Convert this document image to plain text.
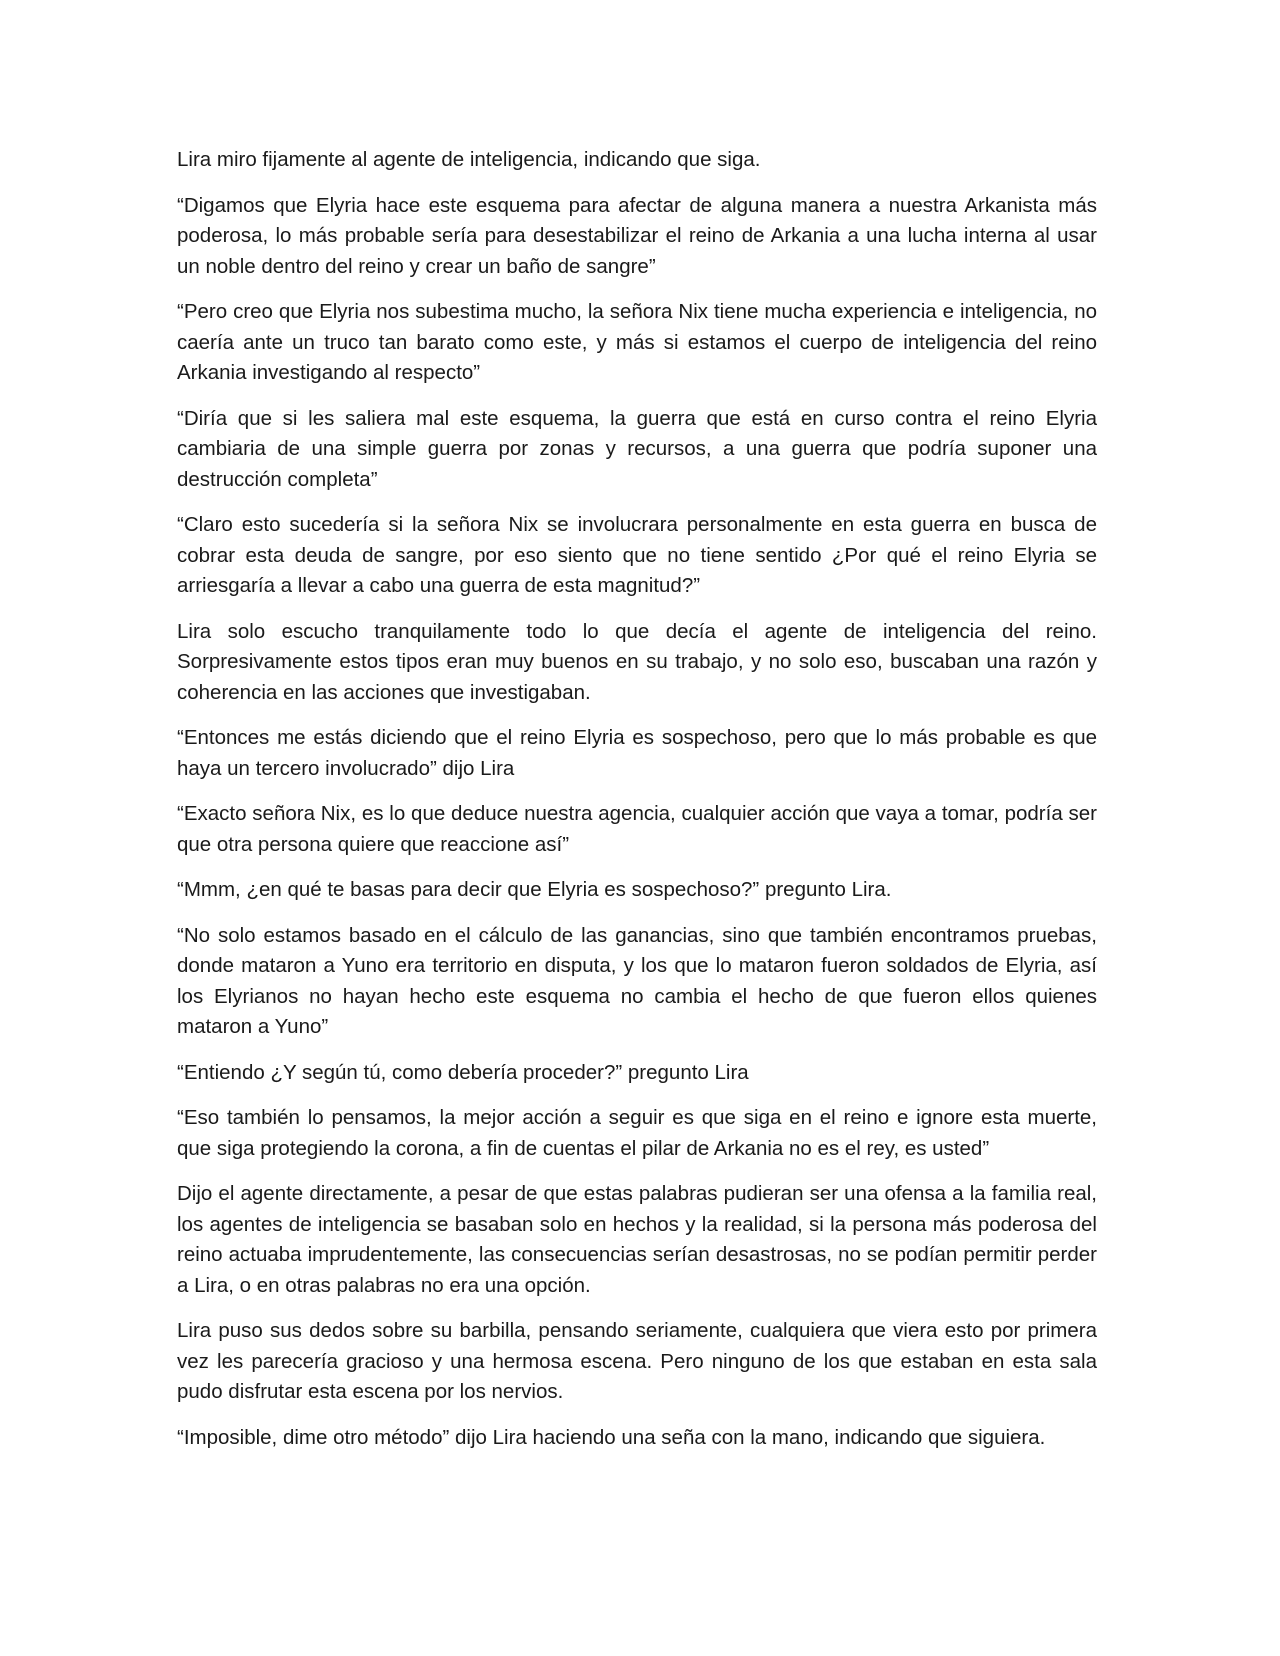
Lira miro fijamente al agente de inteligencia, indicando que siga.

“Digamos que Elyria hace este esquema para afectar de alguna manera a nuestra Arkanista más poderosa, lo más probable sería para desestabilizar el reino de Arkania a una lucha interna al usar un noble dentro del reino y crear un baño de sangre”

“Pero creo que Elyria nos subestima mucho, la señora Nix tiene mucha experiencia e inteligencia, no caería ante un truco tan barato como este, y más si estamos el cuerpo de inteligencia del reino Arkania investigando al respecto”

“Diría que si les saliera mal este esquema, la guerra que está en curso contra el reino Elyria cambiaria de una simple guerra por zonas y recursos, a una guerra que podría suponer una destrucción completa”

“Claro esto sucedería si la señora Nix se involucrara personalmente en esta guerra en busca de cobrar esta deuda de sangre, por eso siento que no tiene sentido ¿Por qué el reino Elyria se arriesgaría a llevar a cabo una guerra de esta magnitud?”

Lira solo escucho tranquilamente todo lo que decía el agente de inteligencia del reino. Sorpresivamente estos tipos eran muy buenos en su trabajo, y no solo eso, buscaban una razón y coherencia en las acciones que investigaban.

“Entonces me estás diciendo que el reino Elyria es sospechoso, pero que lo más probable es que haya un tercero involucrado” dijo Lira

“Exacto señora Nix, es lo que deduce nuestra agencia, cualquier acción que vaya a tomar, podría ser que otra persona quiere que reaccione así”

“Mmm, ¿en qué te basas para decir que Elyria es sospechoso?” pregunto Lira.

“No solo estamos basado en el cálculo de las ganancias, sino que también encontramos pruebas, donde mataron a Yuno era territorio en disputa, y los que lo mataron fueron soldados de Elyria, así los Elyrianos no hayan hecho este esquema no cambia el hecho de que fueron ellos quienes mataron a Yuno”

“Entiendo ¿Y según tú, como debería proceder?” pregunto Lira

“Eso también lo pensamos, la mejor acción a seguir es que siga en el reino e ignore esta muerte, que siga protegiendo la corona, a fin de cuentas el pilar de Arkania no es el rey, es usted”

Dijo el agente directamente, a pesar de que estas palabras pudieran ser una ofensa a la familia real, los agentes de inteligencia se basaban solo en hechos y la realidad, si la persona más poderosa del reino actuaba imprudentemente, las consecuencias serían desastrosas, no se podían permitir perder a Lira, o en otras palabras no era una opción.

Lira puso sus dedos sobre su barbilla, pensando seriamente, cualquiera que viera esto por primera vez les parecería gracioso y una hermosa escena. Pero ninguno de los que estaban en esta sala pudo disfrutar esta escena por los nervios.

“Imposible, dime otro método” dijo Lira haciendo una seña con la mano, indicando que siguiera.
